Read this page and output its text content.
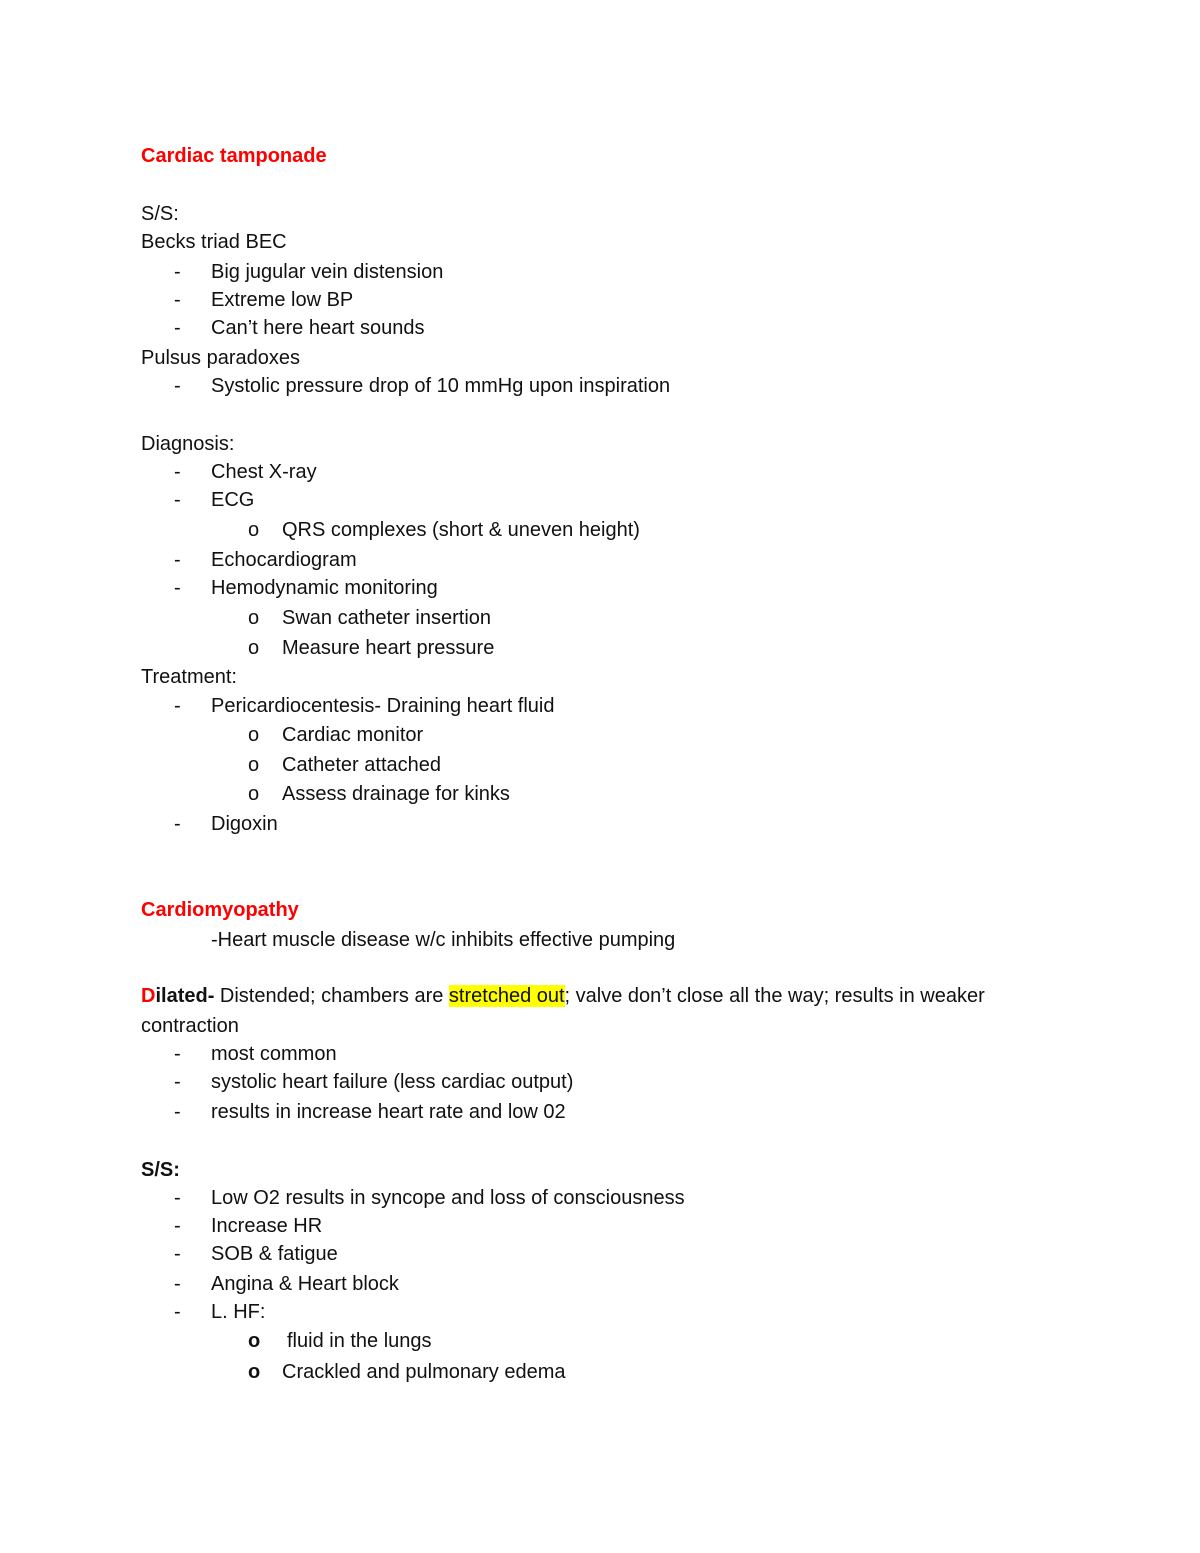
Cardiac tamponade
S/S:
Becks triad BEC
- Big jugular vein distension
- Extreme low BP
- Can’t here heart sounds
Pulsus paradoxes
- Systolic pressure drop of 10 mmHg upon inspiration
Diagnosis:
- Chest X-ray
- ECG
o QRS complexes (short & uneven height)
- Echocardiogram
- Hemodynamic monitoring
o Swan catheter insertion
o Measure heart pressure
Treatment:
- Pericardiocentesis- Draining heart fluid
o Cardiac monitor
o Catheter attached
o Assess drainage for kinks
- Digoxin
Cardiomyopathy
-Heart muscle disease w/c inhibits effective pumping
Dilated- Distended; chambers are stretched out; valve don’t close all the way; results in weaker
contraction
- most common
- systolic heart failure (less cardiac output)
- results in increase heart rate and low 02
S/S:
- Low O2 results in syncope and loss of consciousness
- Increase HR
- SOB & fatigue
- Angina & Heart block
- L. HF:
o fluid in the lungs
o Crackled and pulmonary edema
